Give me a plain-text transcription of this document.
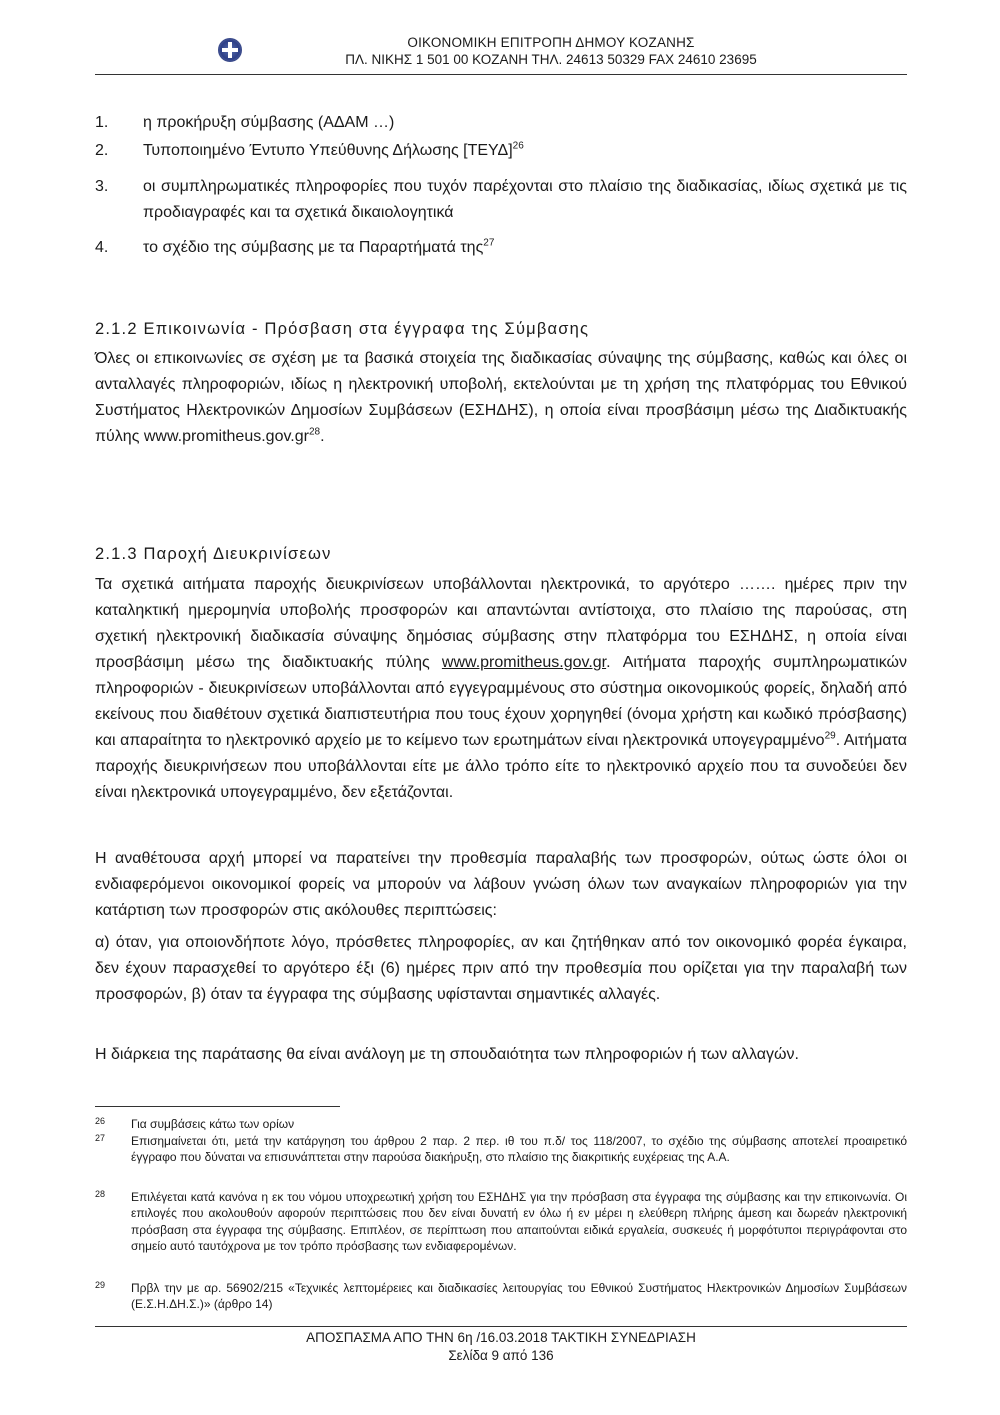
ΟΙΚΟΝΟΜΙΚΗ ΕΠΙΤΡΟΠΗ ΔΗΜΟΥ ΚΟΖΑΝΗΣ
ΠΛ. ΝΙΚΗΣ 1 501 00 ΚΟΖΑΝΗ ΤΗΛ. 24613 50329 FAX 24610 23695
1.	η προκήρυξη σύμβασης (ΑΔΑΜ …)
2.	Τυποποιημένο Έντυπο Υπεύθυνης Δήλωσης $[TE\Upsilon\Delta]^{26}$
3.	οι συμπληρωματικές πληροφορίες που τυχόν παρέχονται στο πλαίσιο της διαδικασίας, ιδίως σχετικά με τις προδιαγραφές και τα σχετικά δικαιολογητικά
4.	το σχέδιο της σύμβασης με τα Παραρτήματά της$^{27}$
2.1.2 Επικοινωνία - Πρόσβαση στα έγγραφα της Σύμβασης
Όλες οι επικοινωνίες σε σχέση με τα βασικά στοιχεία της διαδικασίας σύναψης της σύμβασης, καθώς και όλες οι ανταλλαγές πληροφοριών, ιδίως η ηλεκτρονική υποβολή, εκτελούνται με τη χρήση της πλατφόρμας του Εθνικού Συστήματος Ηλεκτρονικών Δημοσίων Συμβάσεων (ΕΣΗΔΗΣ), η οποία είναι προσβάσιμη μέσω της Διαδικτυακής πύλης $www.promitheus.gov.gr^{28}$.
2.1.3 Παροχή Διευκρινίσεων
Τα σχετικά αιτήματα παροχής διευκρινίσεων υποβάλλονται ηλεκτρονικά, το αργότερο ……. ημέρες πριν την καταληκτική ημερομηνία υποβολής προσφορών και απαντώνται αντίστοιχα, στο πλαίσιο της παρούσας, στη σχετική ηλεκτρονική διαδικασία σύναψης δημόσιας σύμβασης στην πλατφόρμα του ΕΣΗΔΗΣ, η οποία είναι προσβάσιμη μέσω της διαδικτυακής πύλης www.promitheus.gov.gr. Αιτήματα παροχής συμπληρωματικών πληροφοριών - διευκρινίσεων υποβάλλονται από εγγεγραμμένους στο σύστημα οικονομικούς φορείς, δηλαδή από εκείνους που διαθέτουν σχετικά διαπιστευτήρια που τους έχουν χορηγηθεί (όνομα χρήστη και κωδικό πρόσβασης) και απαραίτητα το ηλεκτρονικό αρχείο με το κείμενο των ερωτημάτων είναι ηλεκτρονικά υπογεγραμμένο$^{29}$. Αιτήματα παροχής διευκρινήσεων που υποβάλλονται είτε με άλλο τρόπο είτε το ηλεκτρονικό αρχείο που τα συνοδεύει δεν είναι ηλεκτρονικά υπογεγραμμένο, δεν εξετάζονται.
Η αναθέτουσα αρχή μπορεί να παρατείνει την προθεσμία παραλαβής των προσφορών, ούτως ώστε όλοι οι ενδιαφερόμενοι οικονομικοί φορείς να μπορούν να λάβουν γνώση όλων των αναγκαίων πληροφοριών για την κατάρτιση των προσφορών στις ακόλουθες περιπτώσεις:
α) όταν, για οποιονδήποτε λόγο, πρόσθετες πληροφορίες, αν και ζητήθηκαν από τον οικονομικό φορέα έγκαιρα, δεν έχουν παρασχεθεί το αργότερο έξι (6) ημέρες πριν από την προθεσμία που ορίζεται για την παραλαβή των προσφορών, β) όταν τα έγγραφα της σύμβασης υφίστανται σημαντικές αλλαγές.
Η διάρκεια της παράτασης θα είναι ανάλογη με τη σπουδαιότητα των πληροφοριών ή των αλλαγών.
26 Για συμβάσεις κάτω των ορίων
27 Επισημαίνεται ότι, μετά την κατάργηση του άρθρου 2 παρ. 2 περ. ιθ του π.δ/ τος 118/2007, το σχέδιο της σύμβασης αποτελεί προαιρετικό έγγραφο που δύναται να επισυνάπτεται στην παρούσα διακήρυξη, στο πλαίσιο της διακριτικής ευχέρειας της Α.Α.
28 Επιλέγεται κατά κανόνα η εκ του νόμου υποχρεωτική χρήση του ΕΣΗΔΗΣ για την πρόσβαση στα έγγραφα της σύμβασης και την επικοινωνία. Οι επιλογές που ακολουθούν αφορούν περιπτώσεις που δεν είναι δυνατή εν όλω ή εν μέρει η ελεύθερη πλήρης άμεση και δωρεάν ηλεκτρονική πρόσβαση στα έγγραφα της σύμβασης. Επιπλέον, σε περίπτωση που απαιτούνται ειδικά εργαλεία, συσκευές ή μορφότυποι περιγράφονται στο σημείο αυτό ταυτόχρονα με τον τρόπο πρόσβασης των ενδιαφερομένων.
29 Πρβλ την με αρ. 56902/215 «Τεχνικές λεπτομέρειες και διαδικασίες λειτουργίας του Εθνικού Συστήματος Ηλεκτρονικών Δημοσίων Συμβάσεων (Ε.Σ.Η.ΔΗ.Σ.)» (άρθρο 14)
ΑΠΟΣΠΑΣΜΑ ΑΠΟ ΤΗΝ 6η /16.03.2018 ΤΑΚΤΙΚΗ ΣΥΝΕΔΡΙΑΣΗ
Σελίδα 9 από 136
